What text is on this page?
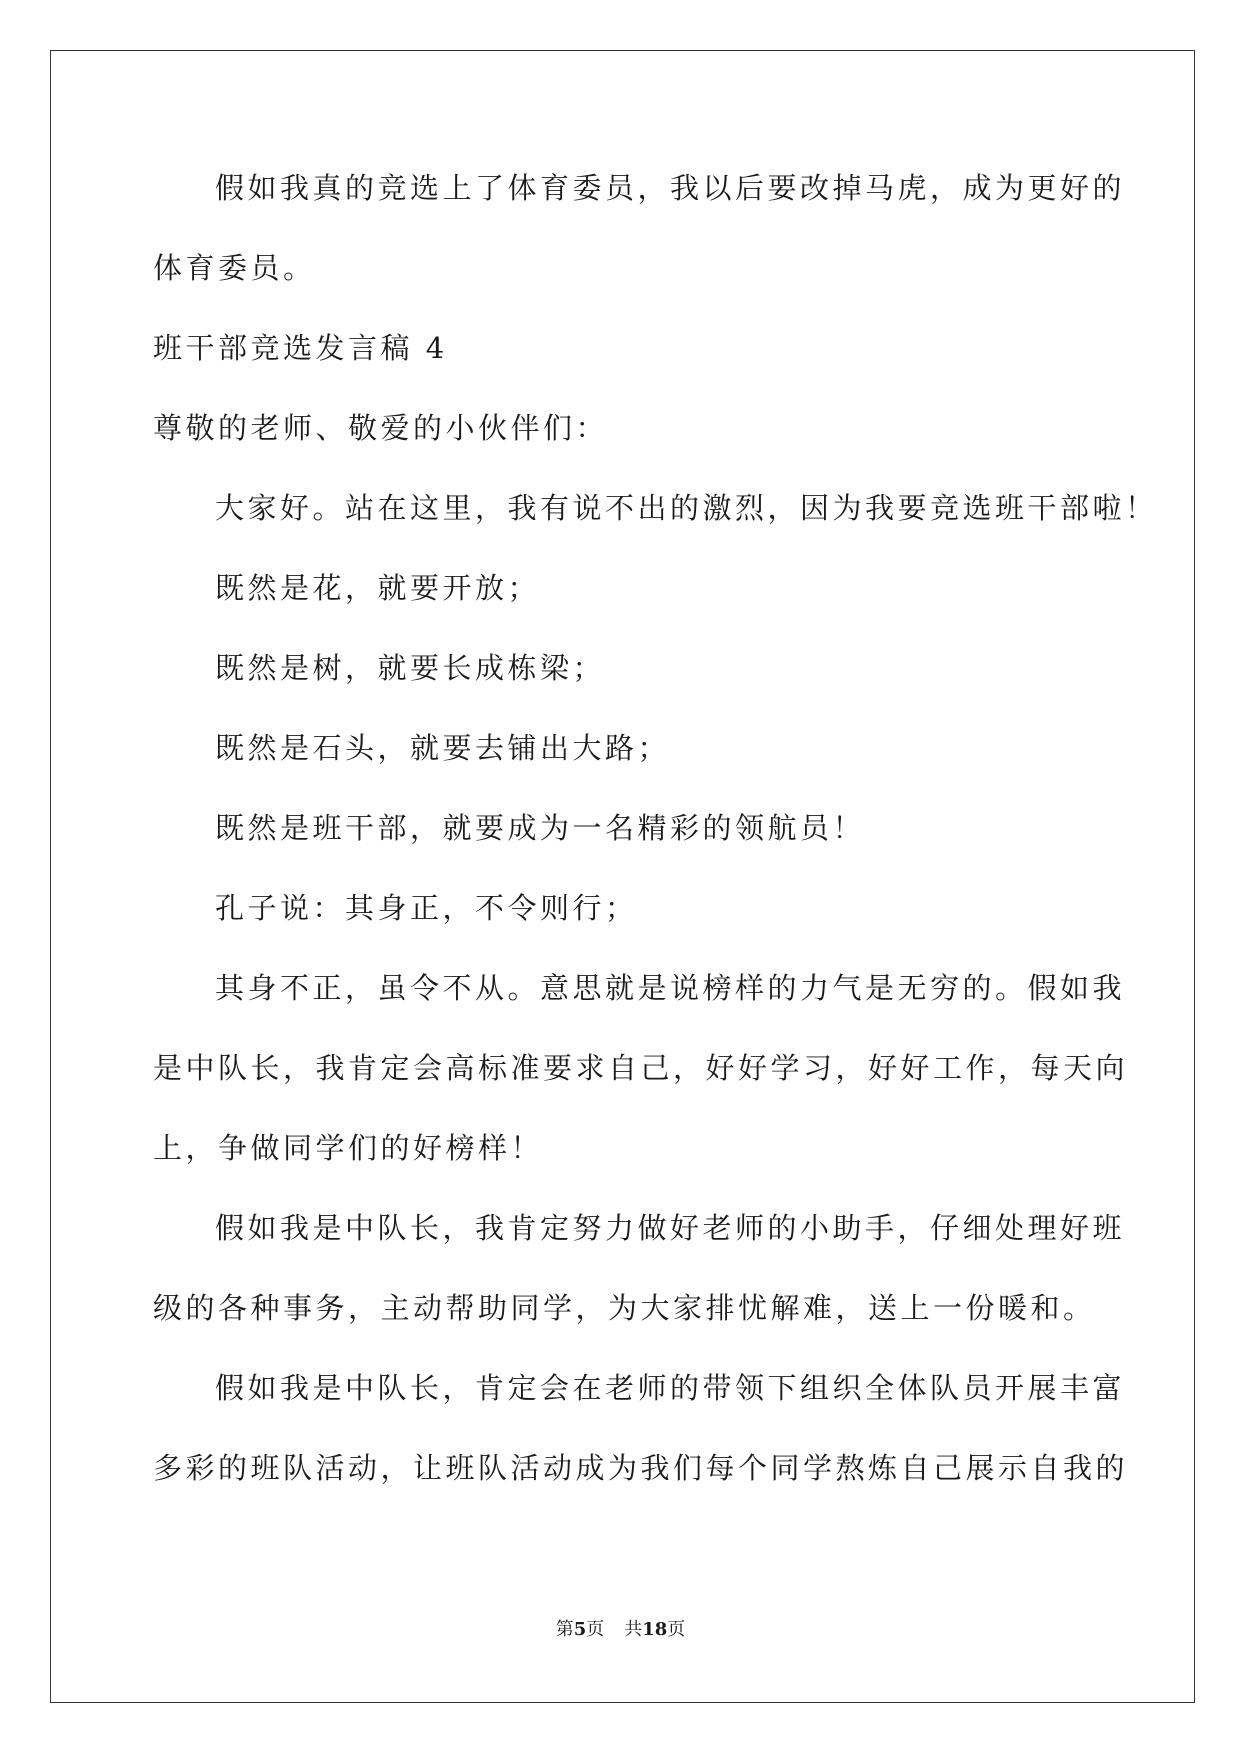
假如我真的竞选上了体育委员，我以后要改掉马虎，成为更好的
体育委员。
班干部竞选发言稿 4
尊敬的老师、敬爱的小伙伴们：
大家好。站在这里，我有说不出的激烈，因为我要竞选班干部啦！
既然是花，就要开放；
既然是树，就要长成栋梁；
既然是石头，就要去铺出大路；
既然是班干部，就要成为一名精彩的领航员！
孔子说：其身正，不令则行；
其身不正，虽令不从。意思就是说榜样的力气是无穷的。假如我
是中队长，我肯定会高标准要求自己，好好学习，好好工作，每天向
上，争做同学们的好榜样！
假如我是中队长，我肯定努力做好老师的小助手，仔细处理好班
级的各种事务，主动帮助同学，为大家排忧解难，送上一份暖和。
假如我是中队长，肯定会在老师的带领下组织全体队员开展丰富
多彩的班队活动，让班队活动成为我们每个同学熬炼自己展示自我的
第5页 共18页
